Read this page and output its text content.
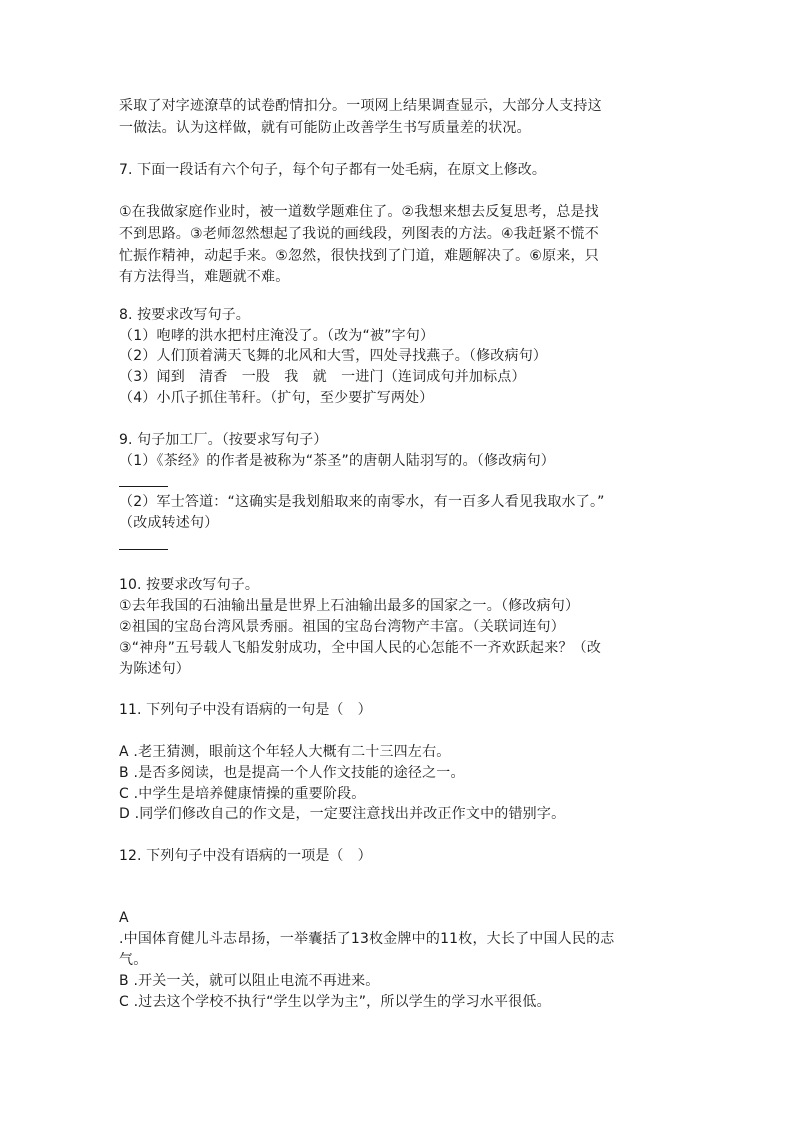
采取了对字迹潦草的试卷酌情扣分。一项网上结果调查显示，大部分人支持这
一做法。认为这样做，就有可能防止改善学生书写质量差的状况。
7. 下面一段话有六个句子，每个句子都有一处毛病，在原文上修改。
①在我做家庭作业时，被一道数学题难住了。②我想来想去反复思考，总是找
不到思路。③老师忽然想起了我说的画线段，列图表的方法。④我赶紧不慌不
忙振作精神，动起手来。⑤忽然，很快找到了门道，难题解决了。⑥原来，只
有方法得当，难题就不难。
8. 按要求改写句子。
（1）咆哮的洪水把村庄淹没了。（改为“被”字句）
（2）人们顶着满天飞舞的北风和大雪，四处寻找燕子。（修改病句）
（3）闻到　清香　一股　我　就　一进门（连词成句并加标点）
（4）小爪子抓住苇秆。（扩句，至少要扩写两处）
9. 句子加工厂。（按要求写句子）
（1）《茶经》的作者是被称为“茶圣”的唐朝人陆羽写的。（修改病句）
（2）军士答道：“这确实是我划船取来的南零水，有一百多人看见我取水了。”
（改成转述句）
10. 按要求改写句子。
①去年我国的石油输出量是世界上石油输出最多的国家之一。（修改病句）
②祖国的宝岛台湾风景秀丽。祖国的宝岛台湾物产丰富。（关联词连句）
③“神舟”五号载人飞船发射成功，全中国人民的心怎能不一齐欢跃起来？（改
为陈述句）
11. 下列句子中没有语病的一句是（　）
A .老王猜测，眼前这个年轻人大概有二十三四左右。
B .是否多阅读，也是提高一个人作文技能的途径之一。
C .中学生是培养健康情操的重要阶段。
D .同学们修改自己的作文是，一定要注意找出并改正作文中的错别字。
12. 下列句子中没有语病的一项是（　）
A
.中国体育健儿斗志昂扬，一举囊括了13枚金牌中的11枚，大长了中国人民的志
气。
B .开关一关，就可以阻止电流不再进来。
C .过去这个学校不执行“学生以学为主”，所以学生的学习水平很低。
